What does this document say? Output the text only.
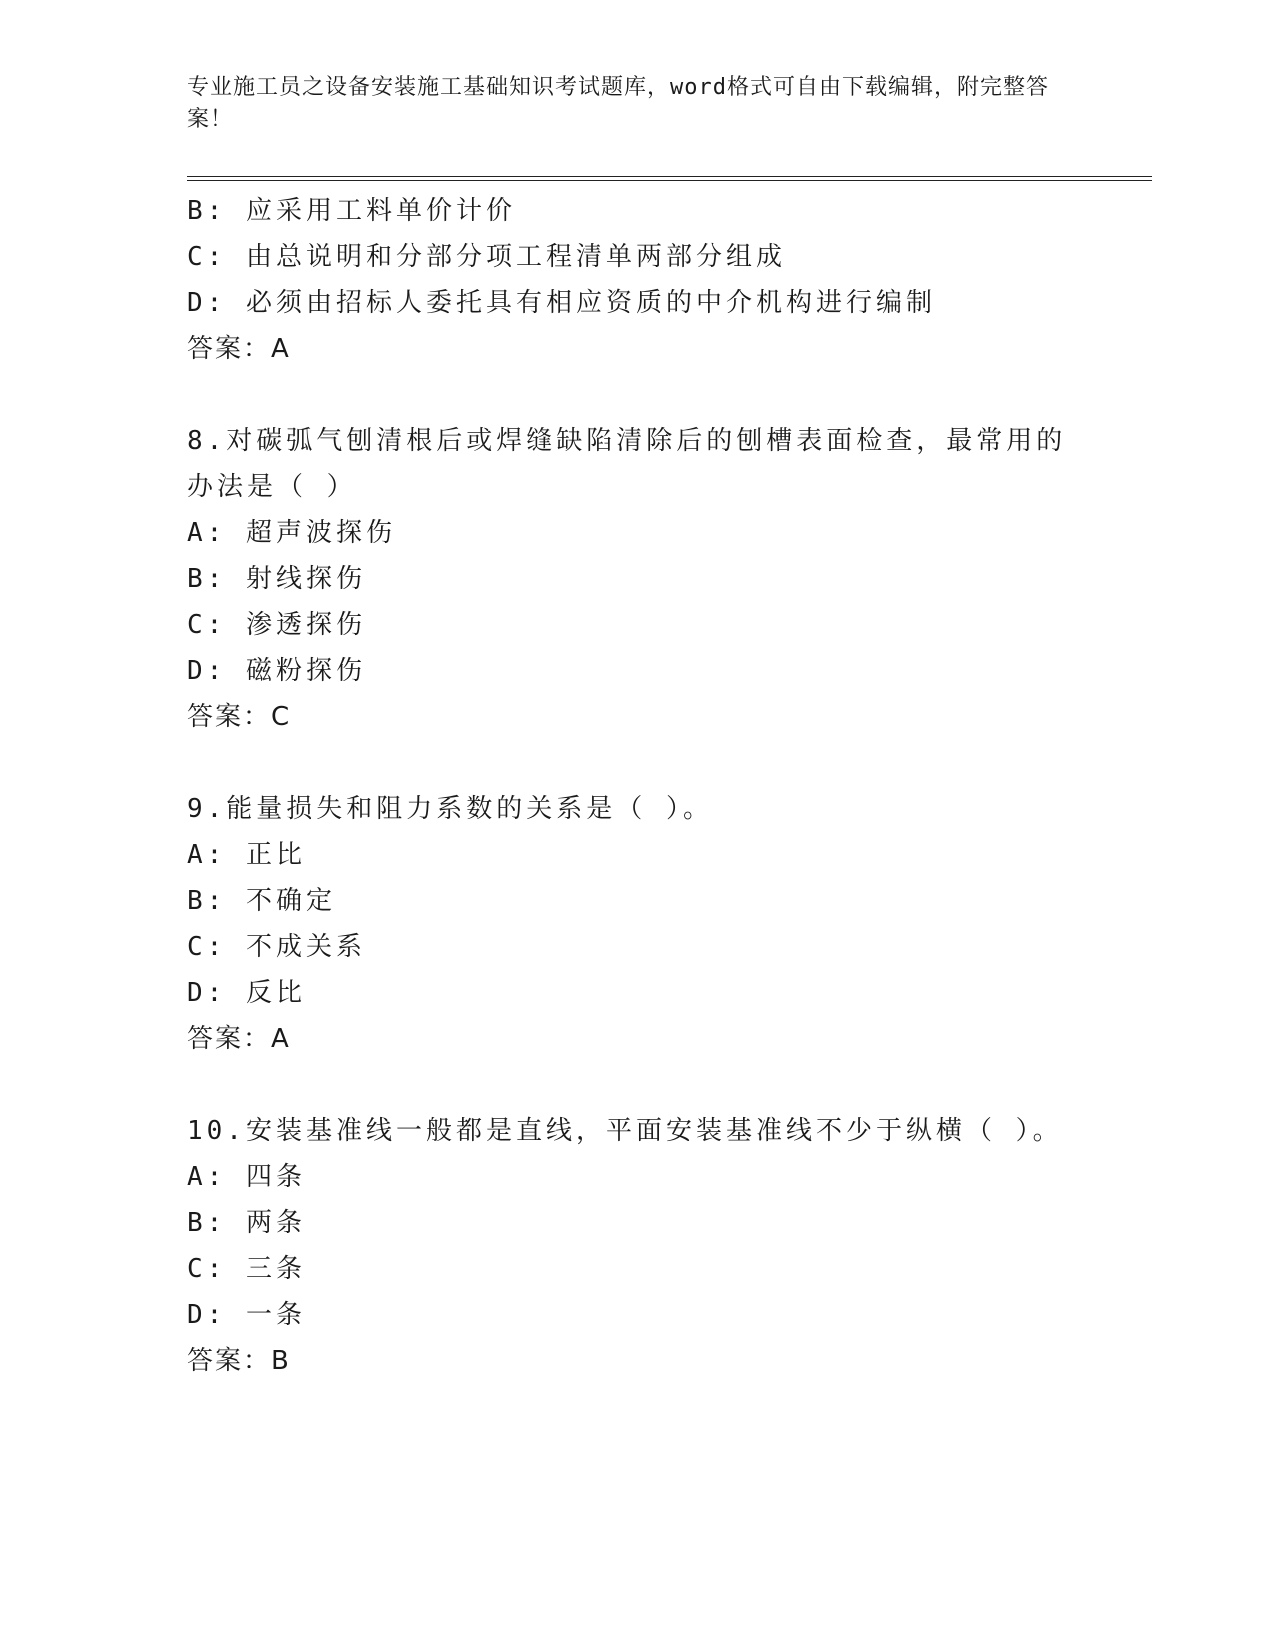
专业施工员之设备安装施工基础知识考试题库，word格式可自由下载编辑，附完整答案！
B: 应采用工料单价计价
C: 由总说明和分部分项工程清单两部分组成
D: 必须由招标人委托具有相应资质的中介机构进行编制
答案：A
8.对碳弧气刨清根后或焊缝缺陷清除后的刨槽表面检查，最常用的办法是（ ）
A: 超声波探伤
B: 射线探伤
C: 渗透探伤
D: 磁粉探伤
答案：C
9.能量损失和阻力系数的关系是（ ）。
A: 正比
B: 不确定
C: 不成关系
D: 反比
答案：A
10.安装基准线一般都是直线，平面安装基准线不少于纵横（ ）。
A: 四条
B: 两条
C: 三条
D: 一条
答案：B
